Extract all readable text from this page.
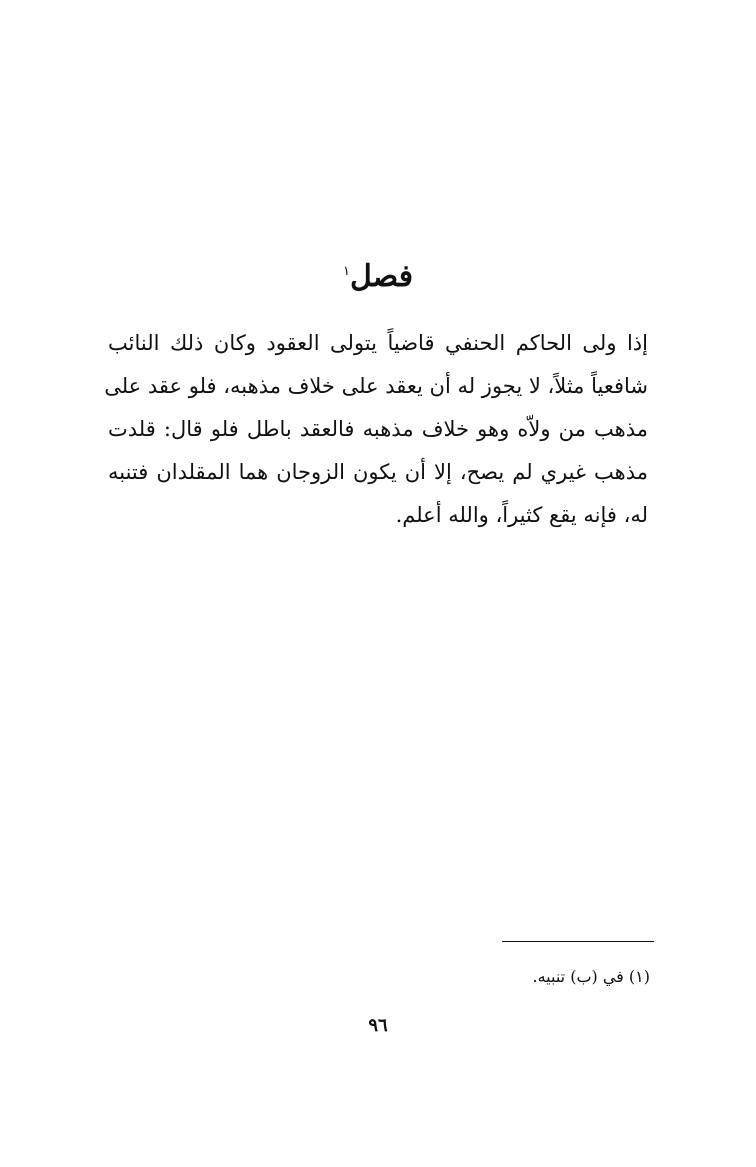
فصل$^١$
إذا ولى الحاكم الحنفي قاضياً يتولى العقود وكان ذلك النائب
شافعياً مثلاً، لا يجوز له أن يعقد على خلاف مذهبه، فلو عقد على
مذهب من ولاّه وهو خلاف مذهبه فالعقد باطل فلو قال: قلدت
مذهب غيري لم يصح، إلا أن يكون الزوجان هما المقلدان فتنبه
له، فإنه يقع كثيراً، والله أعلم.
(١) في (ب) تنبيه.
٩٦
